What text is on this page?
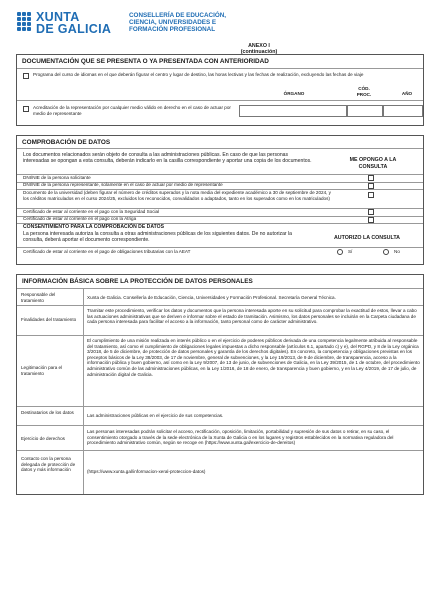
XUNTA
DE GALICIA
CONSELLERÍA DE EDUCACIÓN,
CIENCIA, UNIVERSIDADES E
FORMACIÓN PROFESIONAL
ANEXO I
(continuación)
DOCUMENTACIÓN QUE SE PRESENTA O YA PRESENTADA CON ANTERIORIDAD
Programa del curso de idiomas en el que deberán figurar el centro y lugar de destino, las horas lectivas y las fechas de realización, excluyendo las fechas de viaje
ÓRGANO
CÓD.
PROC.	AÑO
Acreditación de la representación por cualquier medio válido en derecho en el caso de actuar por medio de representante
COMPROBACIÓN DE DATOS
Los documentos relacionados serán objeto de consulta a las administraciones públicas. En caso de que las personas interesadas se opongan a esta consulta, deberán indicarlo en la casilla correspondiente y aportar una copia de los documentos.	ME OPONGO A LA CONSULTA
DNI/NIE de la persona solicitante
DNI/NIE de la persona representante, solamente en el caso de actuar por medio de representante
Documento de la universidad (deben figurar el número de créditos superados y la nota media del expediente académico a 30 de septiembre de 2024, y los créditos matriculados en el curso 2024/25, excluidos los reconocidos, convalidados o adaptados, tanto en los superados como en los matriculados)
Certificado de estar al corriente en el pago con la Seguridad Social
Certificado de estar al corriente en el pago con la Atriga
CONSENTIMIENTO PARA LA COMPROBACIÓN DE DATOS
La persona interesada autoriza la consulta a otras administraciones públicas de los siguientes datos. De no autorizar la consulta, deberá aportar el documento correspondiente.	AUTORIZO LA CONSULTA
Certificado de estar al corriente en el pago de obligaciones tributarias con la AEAT	Sí	No
INFORMACIÓN BÁSICA SOBRE LA PROTECCIÓN DE DATOS PERSONALES
Responsable del tratamiento
Xunta de Galicia. Consellería de Educación, Ciencia, Universidades y Formación Profesional. Secretaría General Técnica.
Finalidades del tratamiento
Tramitar este procedimiento, verificar los datos y documentos que la persona interesada aporte en su solicitud para comprobar la exactitud de estos, llevar a cabo las actuaciones administrativas que se deriven e informar sobre el estado de tramitación. Asimismo, los datos personales se incluirán en la Carpeta ciudadana de cada persona interesada para facilitar el acceso a la información, tanto personal como de carácter administrativo.
Legitimación para el tratamiento
El cumplimiento de una misión realizada en interés público o en el ejercicio de poderes públicos derivada de una competencia legalmente atribuida al responsable del tratamiento, así como el cumplimiento de obligaciones legales impuestas a dicho responsable (artículos 6.1, apartado c) y e), del RGPD, y 8 de la Ley orgánica 3/2018, de 5 de diciembre, de protección de datos personales y garantía de los derechos digitales). En concreto, la competencia y obligaciones previstas en los preceptos básicos de la Ley 38/2003, de 17 de noviembre, general de subvenciones, y la Ley 19/2013, de 9 de diciembre, de transparencia, acceso a la información pública y buen gobierno, así como en la Ley 9/2007, de 13 de junio, de subvenciones de Galicia, en la Ley 39/2015, de 1 de octubre, del procedimiento administrativo común de las administraciones públicas, en la Ley 1/2016, de 18 de enero, de transparencia y buen gobierno, y en la Ley 4/2019, de 17 de julio, de administración digital de Galicia.
Destinatarios de los datos
Las administraciones públicas en el ejercicio de sus competencias.
Ejercicio de derechos
Las personas interesadas podrán solicitar el acceso, rectificación, oposición, limitación, portabilidad y supresión de sus datos o retirar, en su caso, el consentimiento otorgado a través de la sede electrónica de la Xunta de Galicia o en los lugares y registros establecidos en la normativa reguladora del procedimiento administrativo común, según se recoge en (https://www.xunta.gal/exercicio-de-dereitos)
Contacto con la persona delegada de protección de datos y más información	(https://www.xunta.gal/informacion-xeral-proteccion-datos)
